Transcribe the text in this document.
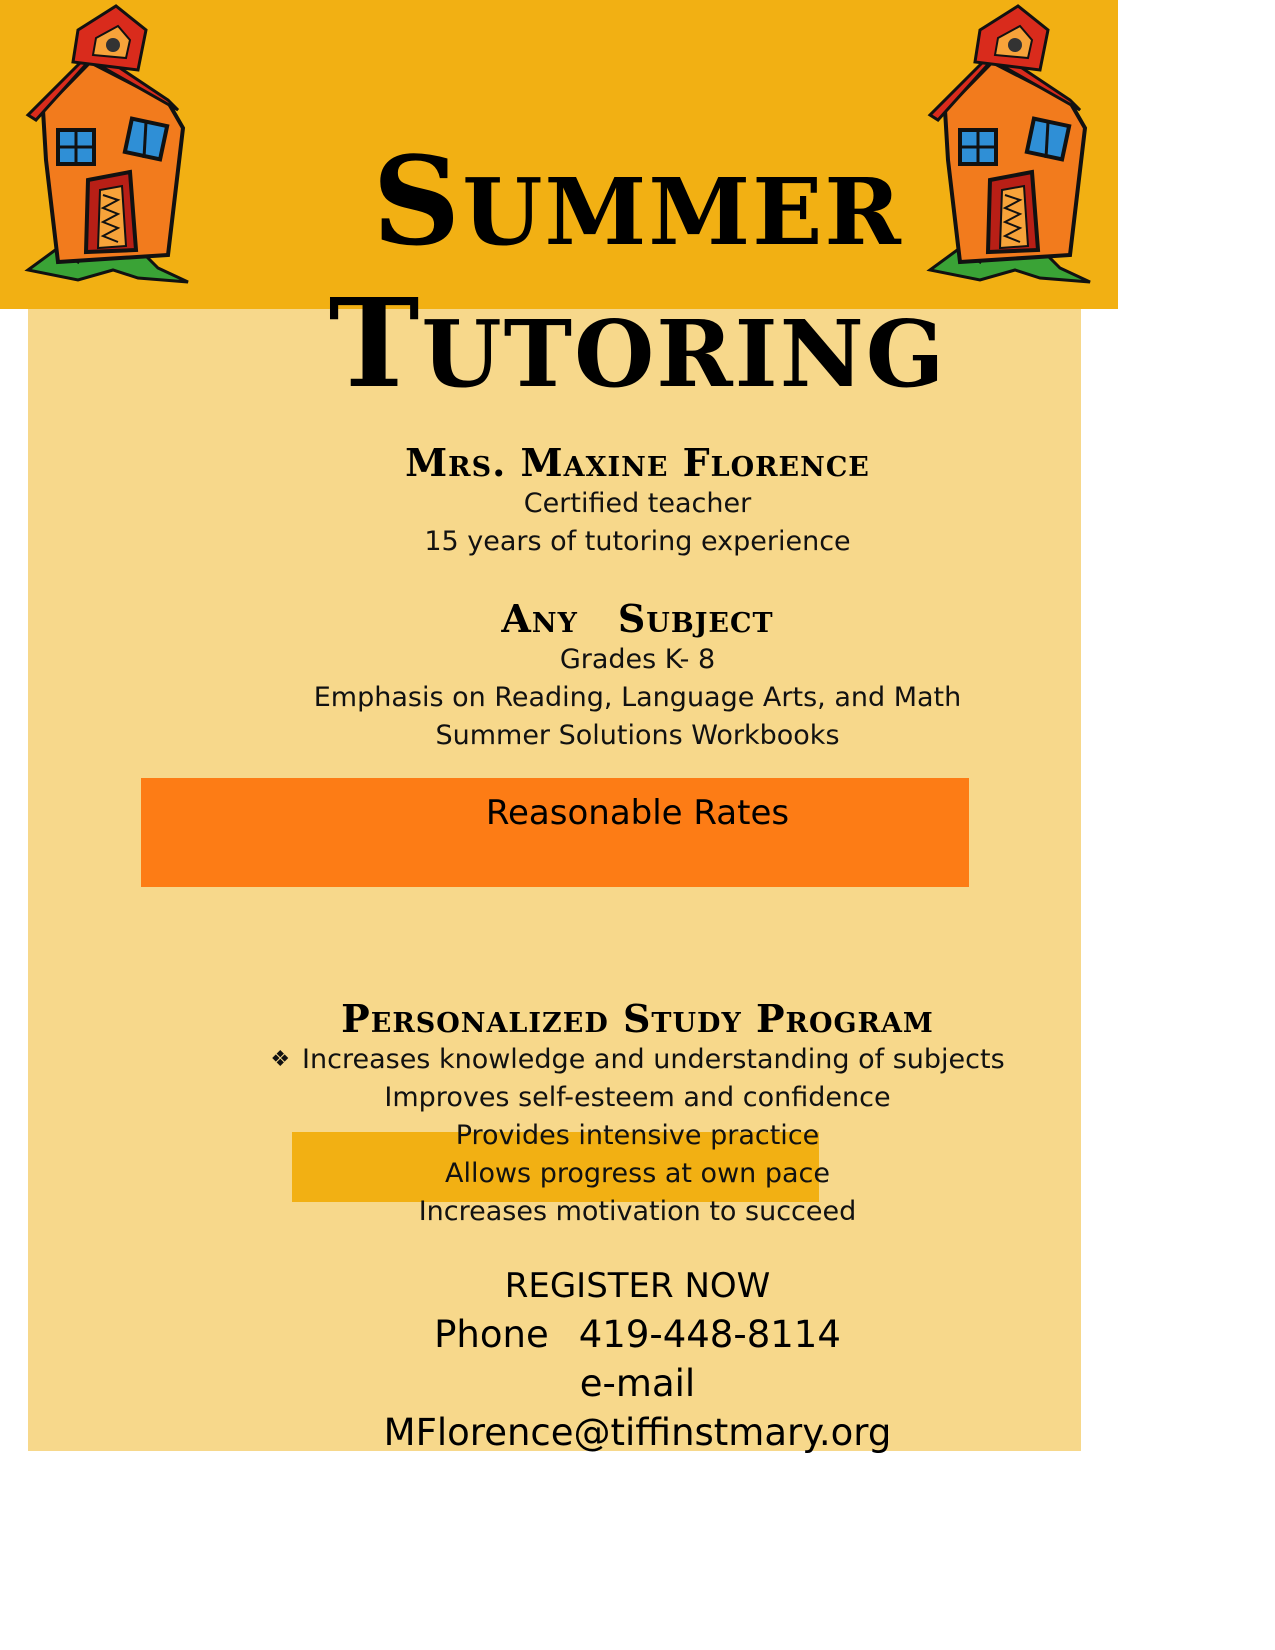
SUMMER
TUTORING
Mrs. Maxine Florence
Certified teacher
15 years of tutoring experience
Any Subject
Grades K- 8
Emphasis on Reading, Language Arts, and Math
Summer Solutions Workbooks
Reasonable Rates
Personalized Study Program
❖ Increases knowledge and understanding of subjects
Improves self-esteem and confidence
Provides intensive practice
Allows progress at own pace
Increases motivation to succeed
REGISTER NOW
Phone 419-448-8114
e-mail
MFlorence@tiffinstmary.org
